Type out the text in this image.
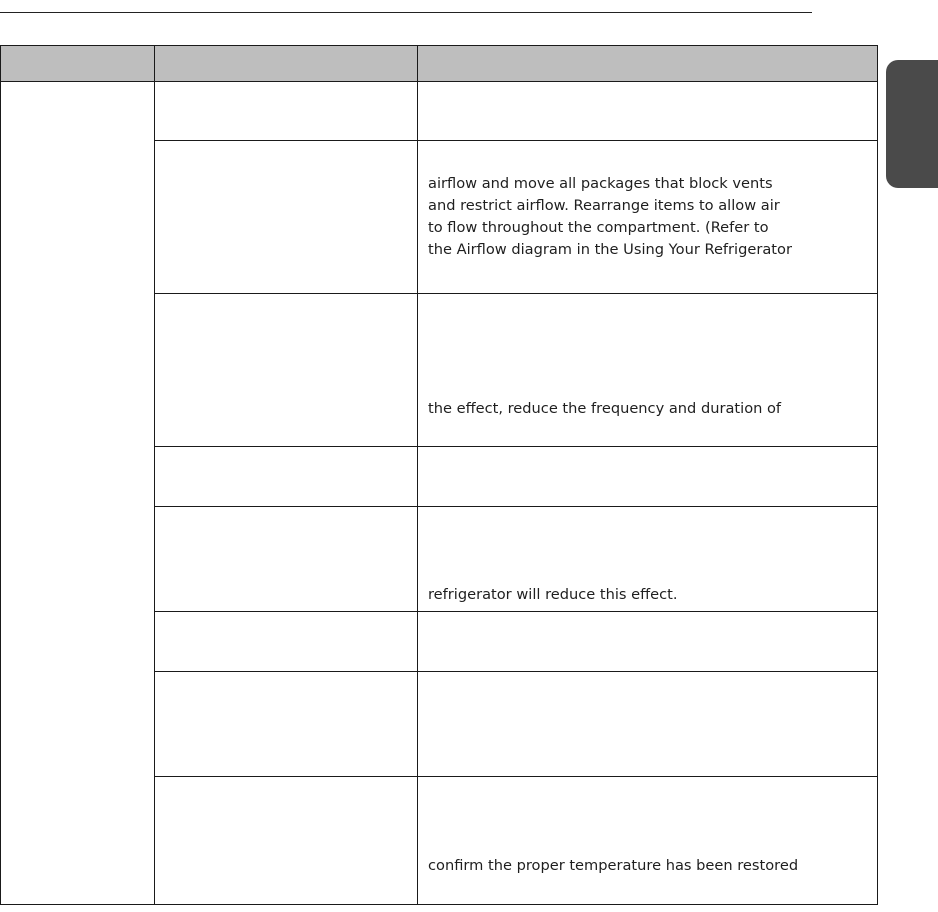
		airflow and move all packages that block vents
and restrict airflow. Rearrange items to allow air
to flow throughout the compartment. (Refer to
the Airflow diagram in the Using Your Refrigerator

		the effect, reduce the frequency and duration of

		refrigerator will reduce this effect.

		confirm the proper temperature has been restored
